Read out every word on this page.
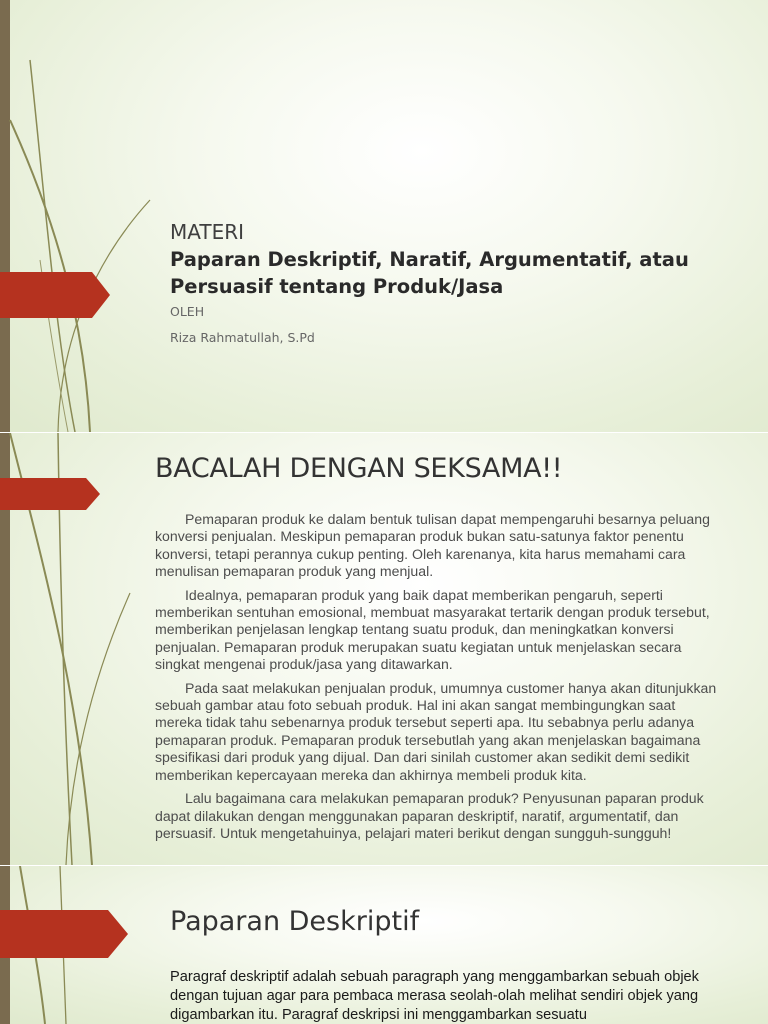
MATERI
Paparan Deskriptif, Naratif, Argumentatif, atau Persuasif tentang Produk/Jasa
OLEH
Riza Rahmatullah, S.Pd
BACALAH DENGAN SEKSAMA!!

Pemaparan produk ke dalam bentuk tulisan dapat mempengaruhi besarnya peluang konversi penjualan. Meskipun pemaparan produk bukan satu-satunya faktor penentu konversi, tetapi perannya cukup penting. Oleh karenanya, kita harus memahami cara menulisan pemaparan produk yang menjual.

Idealnya, pemaparan produk yang baik dapat memberikan pengaruh, seperti memberikan sentuhan emosional, membuat masyarakat tertarik dengan produk tersebut, memberikan penjelasan lengkap tentang suatu produk, dan meningkatkan konversi penjualan. Pemaparan produk merupakan suatu kegiatan untuk menjelaskan secara singkat mengenai produk/jasa yang ditawarkan.

Pada saat melakukan penjualan produk, umumnya customer hanya akan ditunjukkan sebuah gambar atau foto sebuah produk. Hal ini akan sangat membingungkan saat mereka tidak tahu sebenarnya produk tersebut seperti apa. Itu sebabnya perlu adanya pemaparan produk. Pemaparan produk tersebutlah yang akan menjelaskan bagaimana spesifikasi dari produk yang dijual. Dan dari sinilah customer akan sedikit demi sedikit memberikan kepercayaan mereka dan akhirnya membeli produk kita.

Lalu bagaimana cara melakukan pemaparan produk? Penyusunan paparan produk dapat dilakukan dengan menggunakan paparan deskriptif, naratif, argumentatif, dan persuasif. Untuk mengetahuinya, pelajari materi berikut dengan sungguh-sungguh!

Paparan Deskriptif

Paragraf deskriptif adalah sebuah paragraph yang menggambarkan sebuah objek dengan tujuan agar para pembaca merasa seolah-olah melihat sendiri objek yang digambarkan itu. Paragraf deskripsi ini menggambarkan sesuatu
